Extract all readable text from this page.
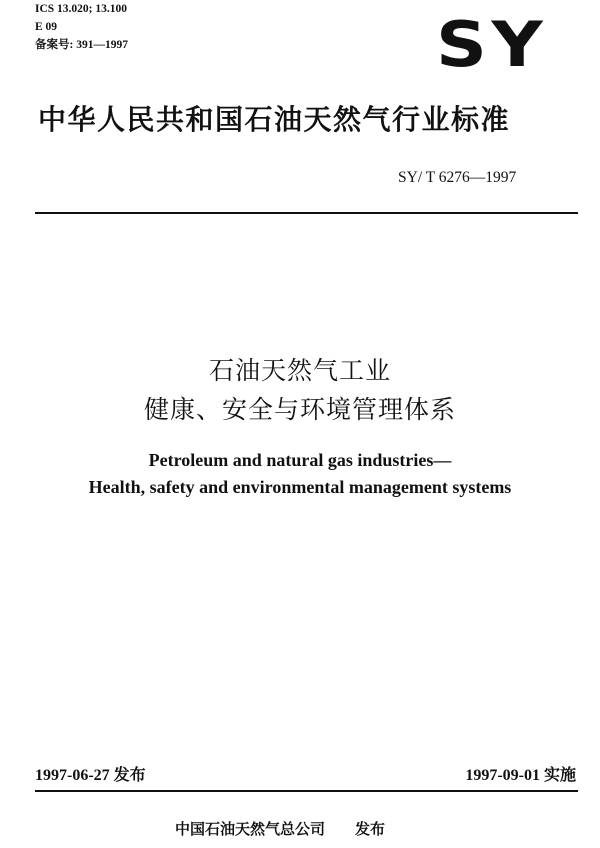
ICS 13.020; 13.100
E 09
备案号: 391—1997	SY
中华人民共和国石油天然气行业标准
SY/ T 6276—1997
石油天然气工业
健康、安全与环境管理体系
Petroleum and natural gas industries—
Health, safety and environmental management systems
1997-06-27 发布	1997-09-01 实施
中国石油天然气总公司 发布
